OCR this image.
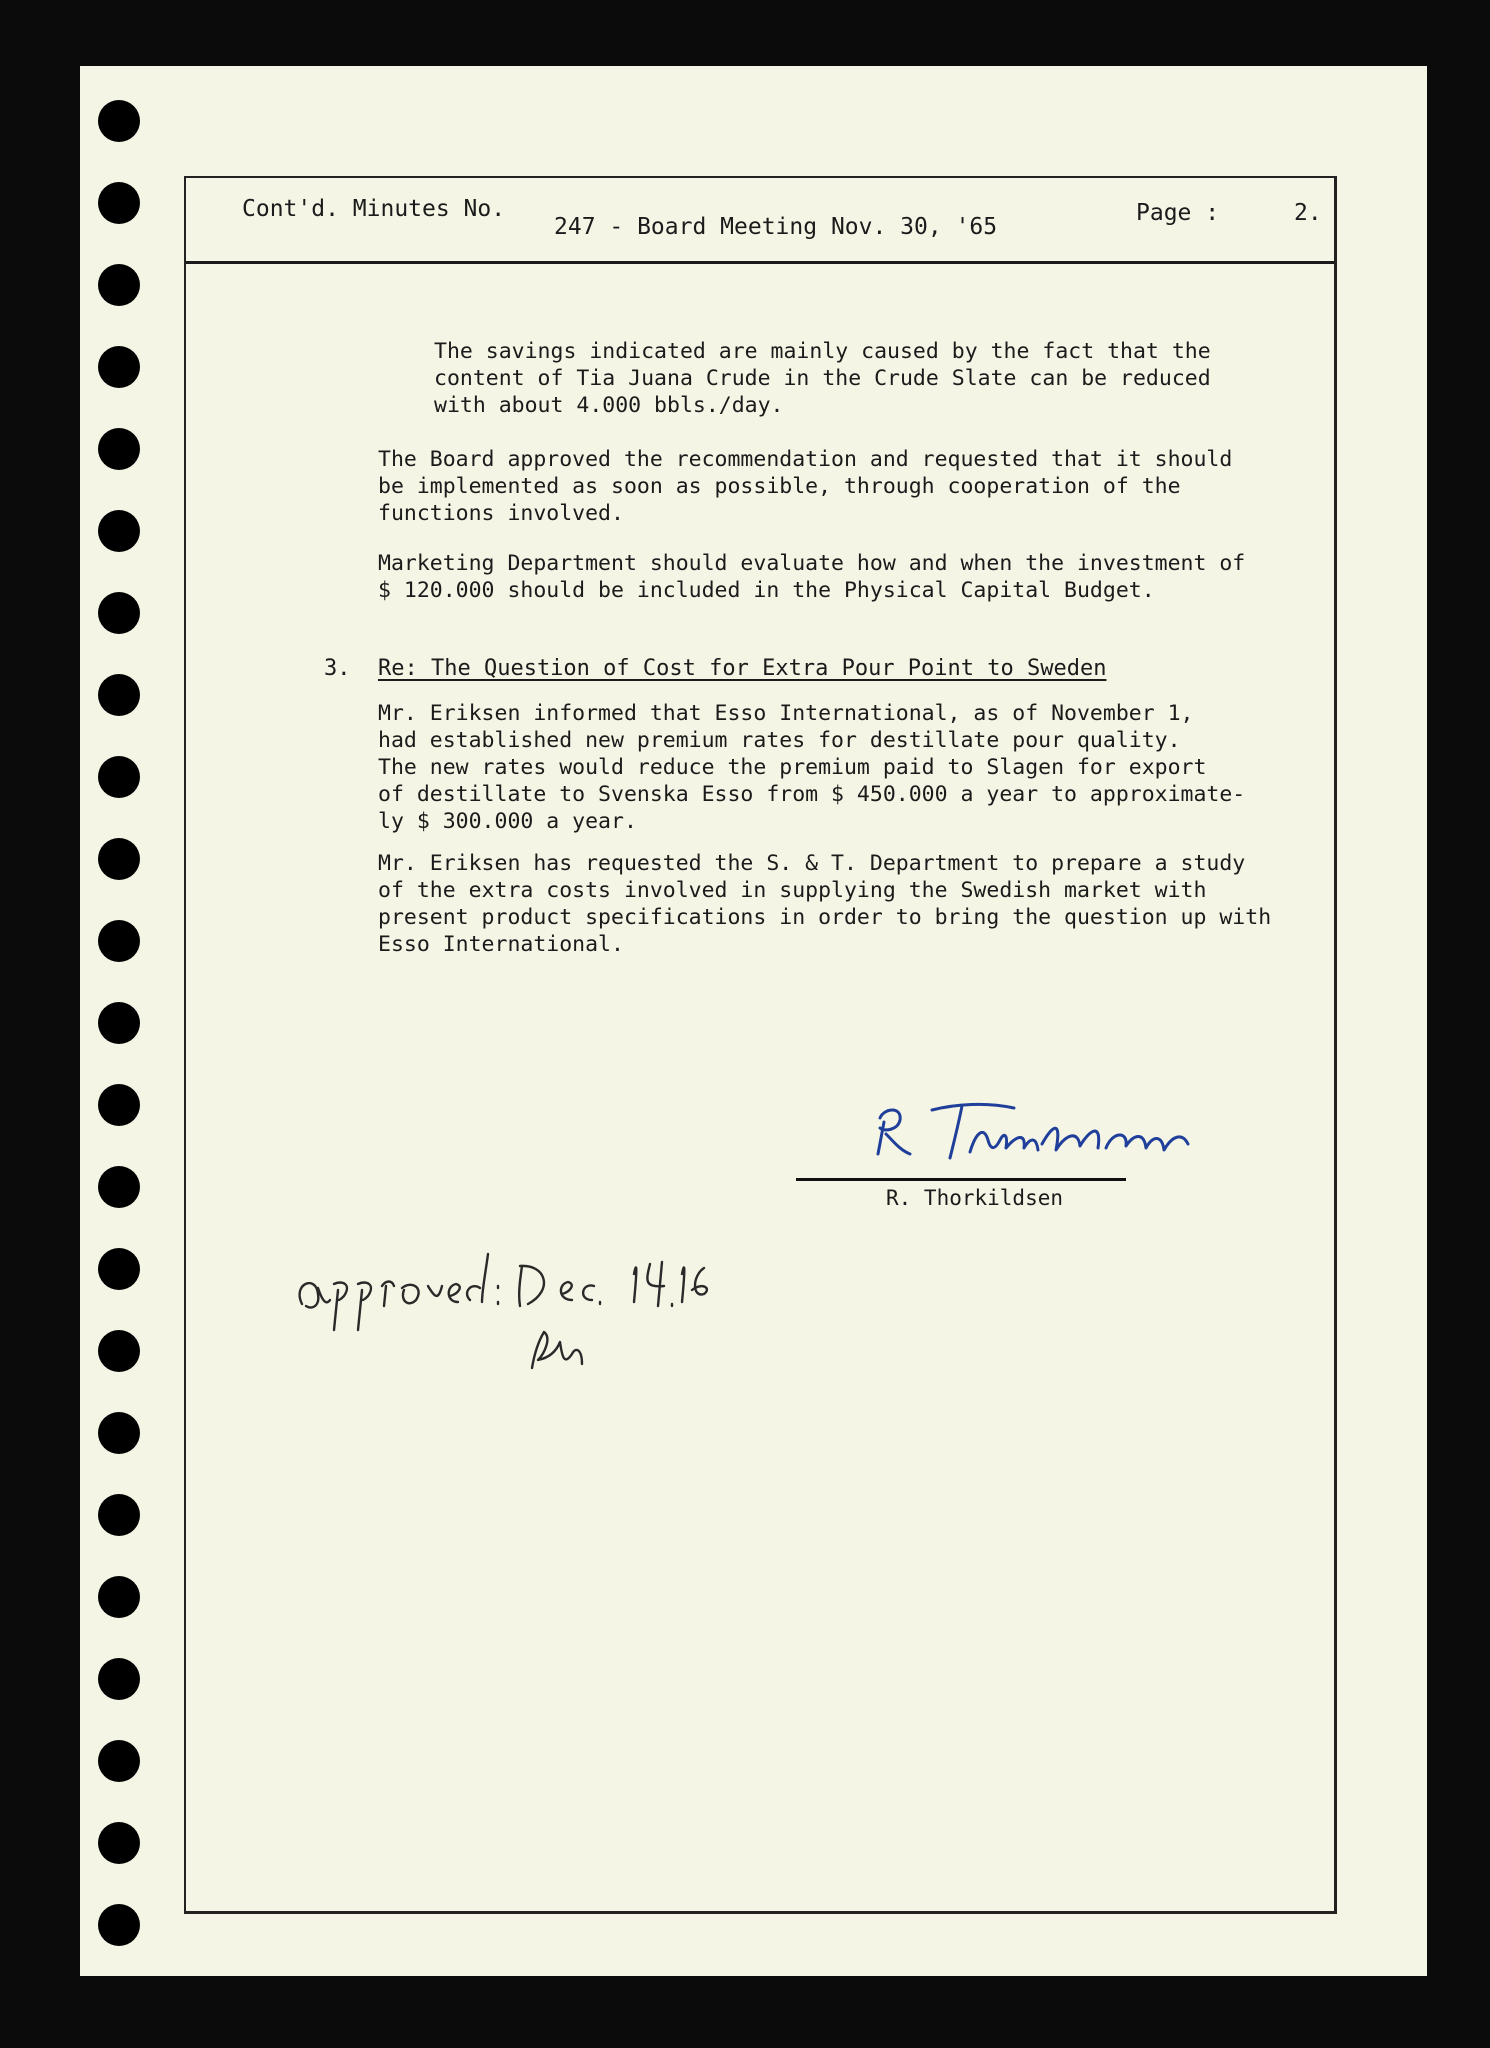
Cont'd. Minutes No.
247 - Board Meeting Nov. 30, '65
Page :	2.

The savings indicated are mainly caused by the fact that the
content of Tia Juana Crude in the Crude Slate can be reduced
with about 4.000 bbls./day.

The Board approved the recommendation and requested that it should
be implemented as soon as possible, through cooperation of the
functions involved.

Marketing Department should evaluate how and when the investment of
$ 120.000 should be included in the Physical Capital Budget.

3. Re: The Question of Cost for Extra Pour Point to Sweden

Mr. Eriksen informed that Esso International, as of November 1,
had established new premium rates for destillate pour quality.
The new rates would reduce the premium paid to Slagen for export
of destillate to Svenska Esso from $ 450.000 a year to approximate-
ly $ 300.000 a year.

Mr. Eriksen has requested the S. & T. Department to prepare a study
of the extra costs involved in supplying the Swedish market with
present product specifications in order to bring the question up with
Esso International.

R. Thorkildsen
